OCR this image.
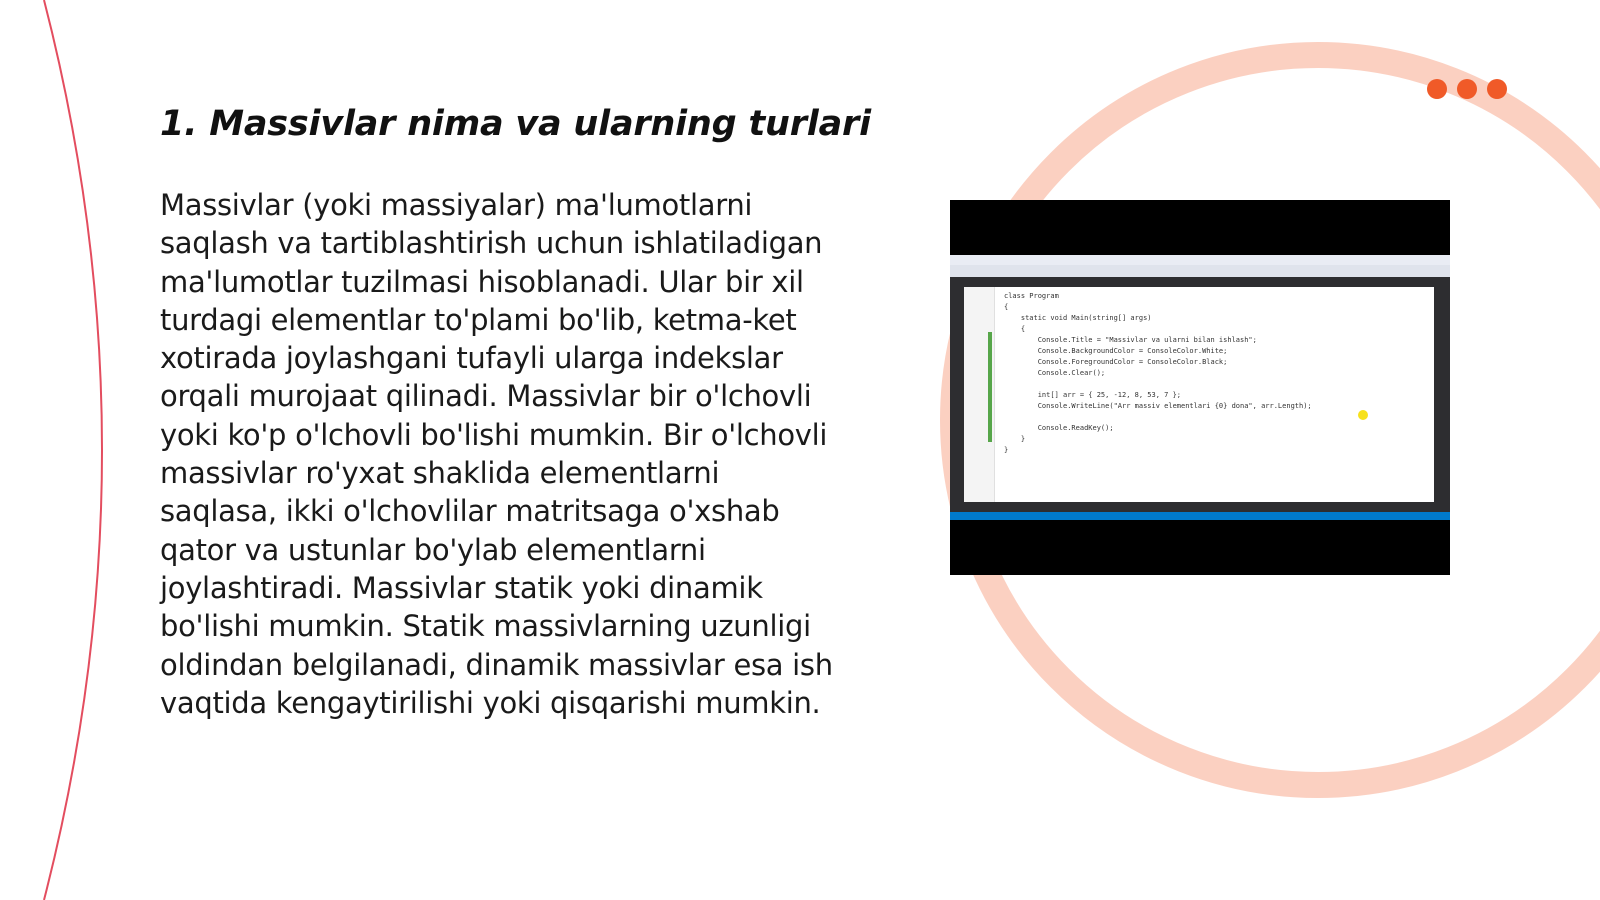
1. Massivlar nima va ularning turlari

Massivlar (yoki massiyalar) ma'lumotlarni saqlash va tartiblashtirish uchun ishlatiladigan ma'lumotlar tuzilmasi hisoblanadi. Ular bir xil turdagi elementlar to'plami bo'lib, ketma-ket xotirada joylashgani tufayli ularga indekslar orqali murojaat qilinadi. Massivlar bir o'lchovli yoki ko'p o'lchovli bo'lishi mumkin. Bir o'lchovli massivlar ro'yxat shaklida elementlarni saqlasa, ikki o'lchovlilar matritsaga o'xshab qator va ustunlar bo'ylab elementlarni joylashtiradi. Massivlar statik yoki dinamik bo'lishi mumkin. Statik massivlarning uzunligi oldindan belgilanadi, dinamik massivlar esa ish vaqtida kengaytirilishi yoki qisqarishi mumkin.

class Program
{
static void Main(string[] args)
{
Console.Title = "Massivlar va ularni bilan ishlash";
Console.BackgroundColor = ConsoleColor.White;
Console.ForegroundColor = ConsoleColor.Black;
Console.Clear();

int[] arr = { 25, -12, 8, 53, 7 };
Console.WriteLine("Arr massiv elementlari {0} dona", arr.Length);

Console.ReadKey();
}
}
